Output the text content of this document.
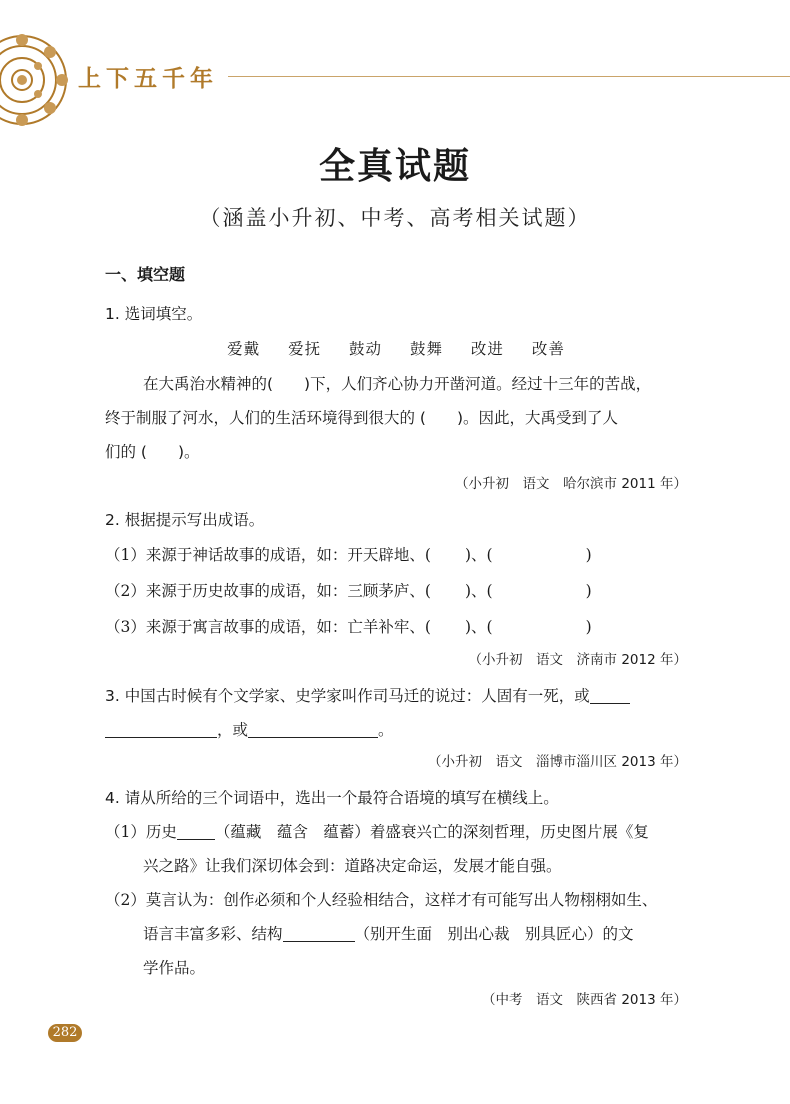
上下五千年
全真试题
（涵盖小升初、中考、高考相关试题）
一、填空题
1. 选词填空。
爱戴 爱抚 鼓动 鼓舞 改进 改善
在大禹治水精神的(　　)下，人们齐心协力开凿河道。经过十三年的苦战，
终于制服了河水，人们的生活环境得到很大的 (　　)。因此，大禹受到了人
们的 (　　)。
（小升初　语文　哈尔滨市 2011 年）
2. 根据提示写出成语。
（1）来源于神话故事的成语，如：开天辟地、( )、(　　　　　　)
（2）来源于历史故事的成语，如：三顾茅庐、( )、(　　　　　　)
（3）来源于寓言故事的成语，如：亡羊补牢、( )、(　　　　　　)
（小升初　语文　济南市 2012 年）
3. 中国古时候有个文学家、史学家叫作司马迁的说过：人固有一死，或
，或	。
（小升初　语文　淄博市淄川区 2013 年）
4. 请从所给的三个词语中，选出一个最符合语境的填写在横线上。
（1）历史 （蕴藏　蕴含　蕴蓄）着盛衰兴亡的深刻哲理，历史图片展《复
兴之路》让我们深切体会到：道路决定命运，发展才能自强。
（2）莫言认为：创作必须和个人经验相结合，这样才有可能写出人物栩栩如生、
语言丰富多彩、结构	（别开生面　别出心裁　别具匠心）的文
学作品。
（中考　语文　陕西省 2013 年）
282
